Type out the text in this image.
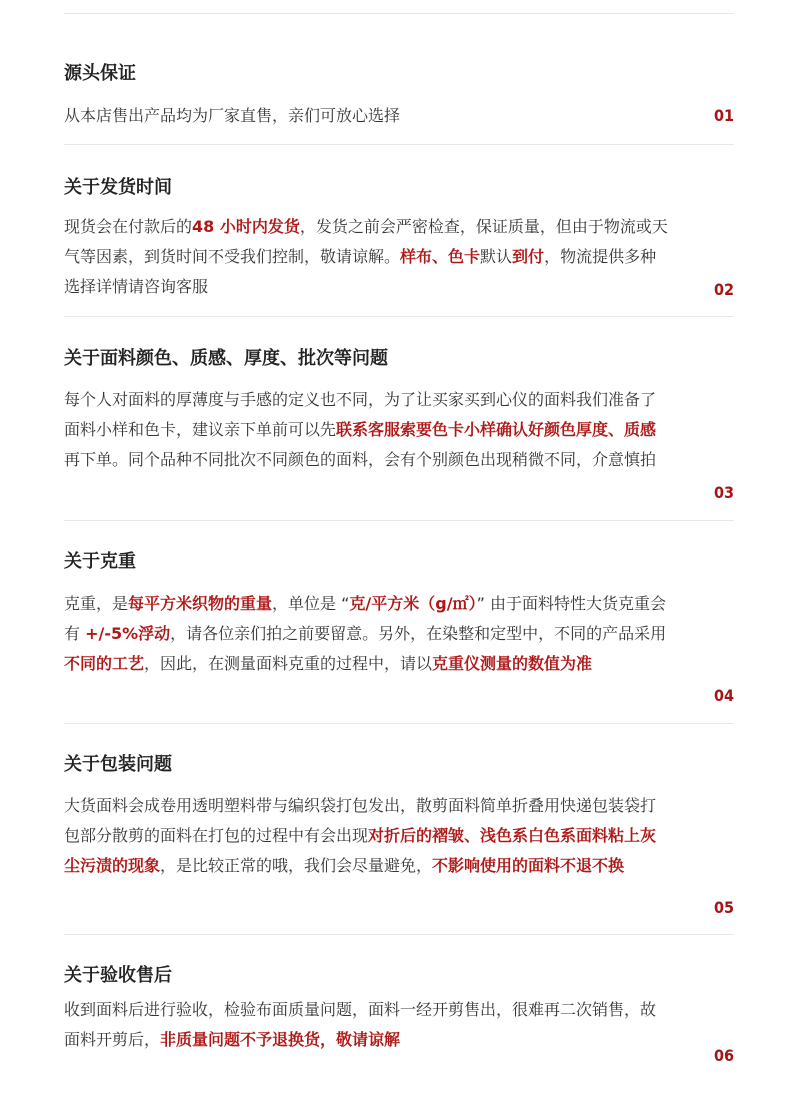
源头保证
从本店售出产品均为厂家直售，亲们可放心选择	01
关于发货时间
现货会在付款后的48 小时内发货，发货之前会严密检查，保证质量，但由于物流或天气等因素，到货时间不受我们控制，敬请谅解。样布、色卡默认到付，物流提供多种选择详情请咨询客服	02
关于面料颜色、质感、厚度、批次等问题
每个人对面料的厚薄度与手感的定义也不同，为了让买家买到心仪的面料我们准备了面料小样和色卡，建议亲下单前可以先联系客服索要色卡小样确认好颜色厚度、质感再下单。同个品种不同批次不同颜色的面料，会有个别颜色出现稍微不同，介意慎拍
03
关于克重
克重，是每平方米织物的重量，单位是 “克/平方米（g/㎡）” 由于面料特性大货克重会有 +/-5%浮动，请各位亲们拍之前要留意。另外，在染整和定型中，不同的产品采用不同的工艺，因此，在测量面料克重的过程中，请以克重仪测量的数值为准
04
关于包装问题
大货面料会成卷用透明塑料带与编织袋打包发出，散剪面料简单折叠用快递包装袋打包部分散剪的面料在打包的过程中有会出现对折后的褶皱、浅色系白色系面料粘上灰尘污渍的现象，是比较正常的哦，我们会尽量避免，不影响使用的面料不退不换
05
关于验收售后
收到面料后进行验收，检验布面质量问题，面料一经开剪售出，很难再二次销售，故面料开剪后，非质量问题不予退换货，敬请谅解
06
